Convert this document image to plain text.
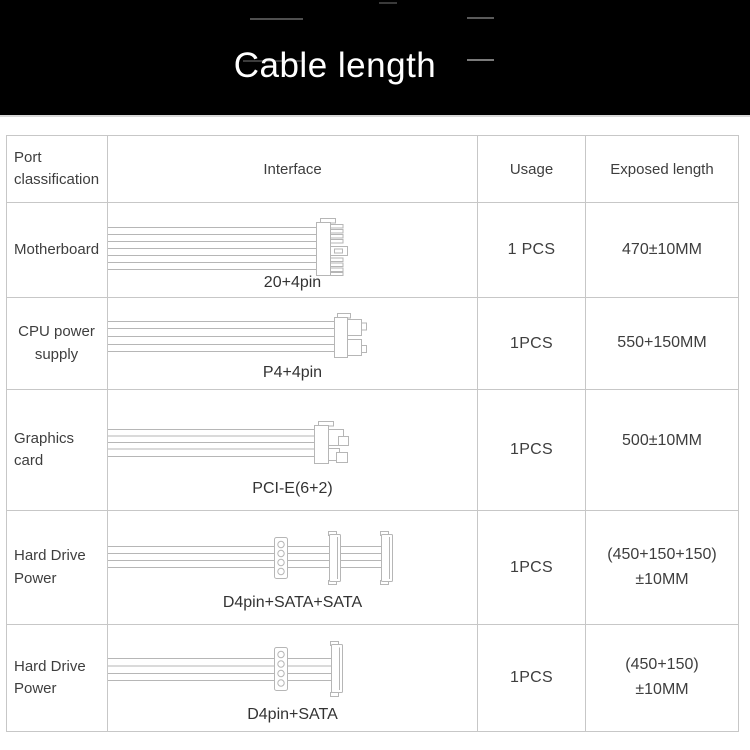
Cable length
Port classification	Interface	Usage	Exposed length
Motherboard	20+4pin	1 PCS	470±10MM

CPU power supply	P4+4pin	1PCS	550+150MM

Graphics card	PCI-E(6+2)	1PCS	500±10MM

Hard Drive Power	D4pin+SATA+SATA	1PCS	(450+150+150)
±10MM

Hard Drive Power	D4pin+SATA	1PCS	(450+150)
±10MM
